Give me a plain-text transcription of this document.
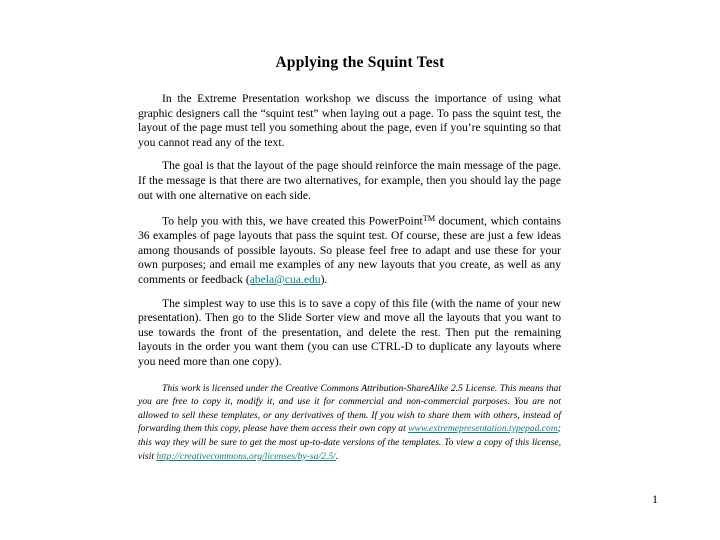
Applying the Squint Test

In the Extreme Presentation workshop we discuss the importance of using what graphic designers call the “squint test” when laying out a page. To pass the squint test, the layout of the page must tell you something about the page, even if you’re squinting so that you cannot read any of the text.

The goal is that the layout of the page should reinforce the main message of the page. If the message is that there are two alternatives, for example, then you should lay the page out with one alternative on each side.

To help you with this, we have created this PowerPoint™ document, which contains 36 examples of page layouts that pass the squint test. Of course, these are just a few ideas among thousands of possible layouts. So please feel free to adapt and use these for your own purposes; and email me examples of any new layouts that you create, as well as any comments or feedback (abela@cua.edu).

The simplest way to use this is to save a copy of this file (with the name of your new presentation). Then go to the Slide Sorter view and move all the layouts that you want to use towards the front of the presentation, and delete the rest. Then put the remaining layouts in the order you want them (you can use CTRL-D to duplicate any layouts where you need more than one copy).

This work is licensed under the Creative Commons Attribution-ShareAlike 2.5 License. This means that you are free to copy it, modify it, and use it for commercial and non-commercial purposes. You are not allowed to sell these templates, or any derivatives of them. If you wish to share them with others, instead of forwarding them this copy, please have them access their own copy at www.extremepresentation.typepad.com; this way they will be sure to get the most up-to-date versions of the templates. To view a copy of this license, visit http://creativecommons.org/licenses/by-sa/2.5/.

1
